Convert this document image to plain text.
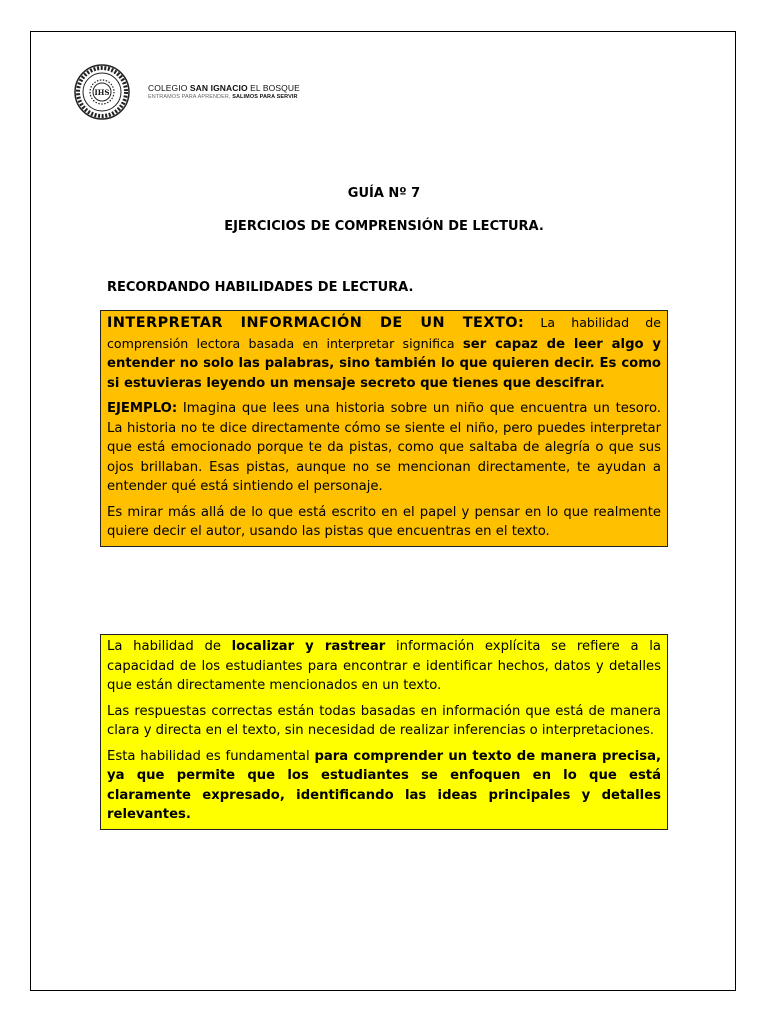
IHS	COLEGIO SAN IGNACIO EL BOSQUE
ENTRAMOS PARA APRENDER, SALIMOS PARA SERVIR
GUÍA Nº 7
EJERCICIOS DE COMPRENSIÓN DE LECTURA.
RECORDANDO HABILIDADES DE LECTURA.

INTERPRETAR INFORMACIÓN DE UN TEXTO: La habilidad de comprensión lectora basada en interpretar significa ser capaz de leer algo y entender no solo las palabras, sino también lo que quieren decir. Es como si estuvieras leyendo un mensaje secreto que tienes que descifrar.

EJEMPLO: Imagina que lees una historia sobre un niño que encuentra un tesoro. La historia no te dice directamente cómo se siente el niño, pero puedes interpretar que está emocionado porque te da pistas, como que saltaba de alegría o que sus ojos brillaban. Esas pistas, aunque no se mencionan directamente, te ayudan a entender qué está sintiendo el personaje.

Es mirar más allá de lo que está escrito en el papel y pensar en lo que realmente quiere decir el autor, usando las pistas que encuentras en el texto.

La habilidad de localizar y rastrear información explícita se refiere a la capacidad de los estudiantes para encontrar e identificar hechos, datos y detalles que están directamente mencionados en un texto.

Las respuestas correctas están todas basadas en información que está de manera clara y directa en el texto, sin necesidad de realizar inferencias o interpretaciones.

Esta habilidad es fundamental para comprender un texto de manera precisa, ya que permite que los estudiantes se enfoquen en lo que está claramente expresado, identificando las ideas principales y detalles relevantes.
